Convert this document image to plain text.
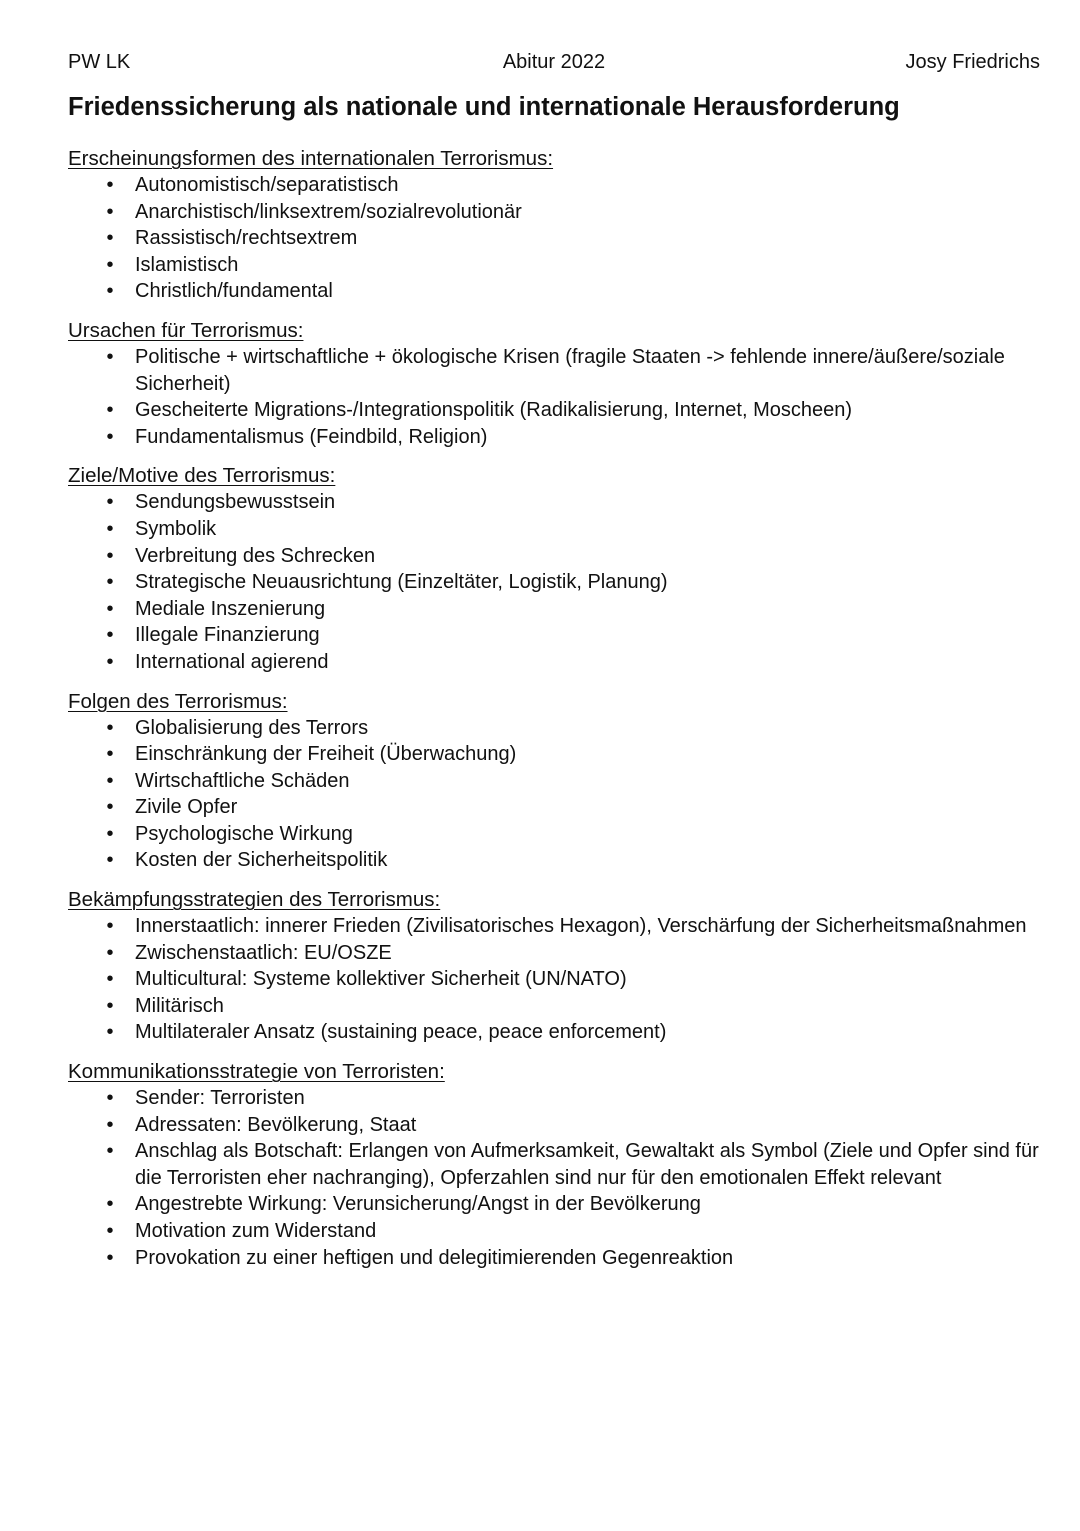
PW LK	Abitur 2022	Josy Friedrichs
Friedenssicherung als nationale und internationale Herausforderung
Erscheinungsformen des internationalen Terrorismus:
•	Autonomistisch/separatistisch
•	Anarchistisch/linksextrem/sozialrevolutionär
•	Rassistisch/rechtsextrem
•	Islamistisch
•	Christlich/fundamental
Ursachen für Terrorismus:
•	Politische + wirtschaftliche + ökologische Krisen (fragile Staaten -> fehlende innere/äußere/soziale Sicherheit)
•	Gescheiterte Migrations-/Integrationspolitik (Radikalisierung, Internet, Moscheen)
•	Fundamentalismus (Feindbild, Religion)
Ziele/Motive des Terrorismus:
•	Sendungsbewusstsein
•	Symbolik
•	Verbreitung des Schrecken
•	Strategische Neuausrichtung (Einzeltäter, Logistik, Planung)
•	Mediale Inszenierung
•	Illegale Finanzierung
•	International agierend
Folgen des Terrorismus:
•	Globalisierung des Terrors
•	Einschränkung der Freiheit (Überwachung)
•	Wirtschaftliche Schäden
•	Zivile Opfer
•	Psychologische Wirkung
•	Kosten der Sicherheitspolitik
Bekämpfungsstrategien des Terrorismus:
•	Innerstaatlich: innerer Frieden (Zivilisatorisches Hexagon), Verschärfung der Sicherheitsmaßnahmen
•	Zwischenstaatlich: EU/OSZE
•	Multicultural: Systeme kollektiver Sicherheit (UN/NATO)
•	Militärisch
•	Multilateraler Ansatz (sustaining peace, peace enforcement)
Kommunikationsstrategie von Terroristen:
•	Sender: Terroristen
•	Adressaten: Bevölkerung, Staat
•	Anschlag als Botschaft: Erlangen von Aufmerksamkeit, Gewaltakt als Symbol (Ziele und Opfer sind für die Terroristen eher nachranging), Opferzahlen sind nur für den emotionalen Effekt relevant
•	Angestrebte Wirkung: Verunsicherung/Angst in der Bevölkerung
•	Motivation zum Widerstand
•	Provokation zu einer heftigen und delegitimierenden Gegenreaktion
